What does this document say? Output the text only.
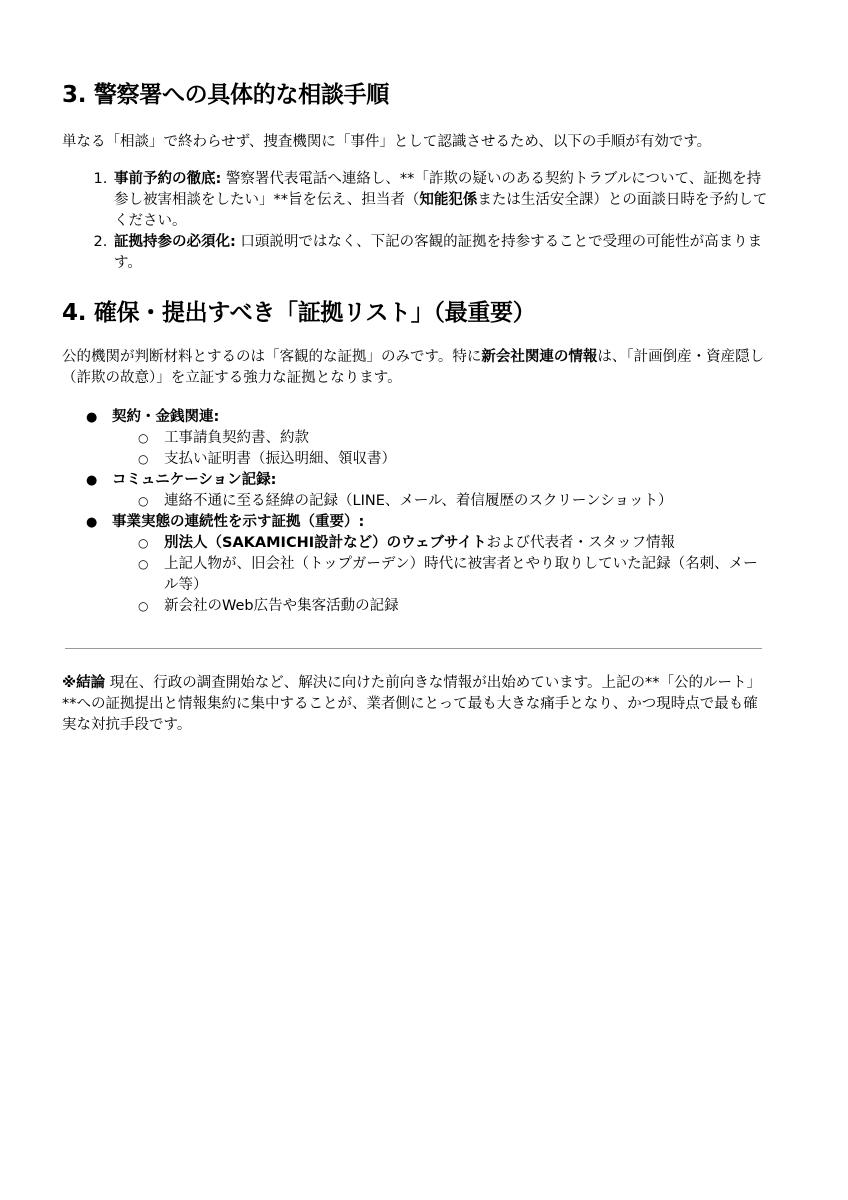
3. 警察署への具体的な相談手順

単なる「相談」で終わらせず、捜査機関に「事件」として認識させるため、以下の手順が有効です。

1. 事前予約の徹底: 警察署代表電話へ連絡し、**「詐欺の疑いのある契約トラブルについて、証拠を持参し被害相談をしたい」**旨を伝え、担当者（知能犯係または生活安全課）との面談日時を予約してください。
2. 証拠持参の必須化: 口頭説明ではなく、下記の客観的証拠を持参することで受理の可能性が高まります。
4. 確保・提出すべき「証拠リスト」（最重要）

公的機関が判断材料とするのは「客観的な証拠」のみです。特に新会社関連の情報は、「計画倒産・資産隠し（詐欺の故意）」を立証する強力な証拠となります。

● 契約・金銭関連:
○ 工事請負契約書、約款
○ 支払い証明書（振込明細、領収書）
● コミュニケーション記録:
○ 連絡不通に至る経緯の記録（LINE、メール、着信履歴のスクリーンショット）
● 事業実態の連続性を示す証拠（重要）:
○ 別法人（SAKAMICHI設計など）のウェブサイトおよび代表者・スタッフ情報
○ 上記人物が、旧会社（トップガーデン）時代に被害者とやり取りしていた記録（名刺、メール等）
○ 新会社のWeb広告や集客活動の記録

※結論 現在、行政の調査開始など、解決に向けた前向きな情報が出始めています。上記の**「公的ルート」**への証拠提出と情報集約に集中することが、業者側にとって最も大きな痛手となり、かつ現時点で最も確実な対抗手段です。
